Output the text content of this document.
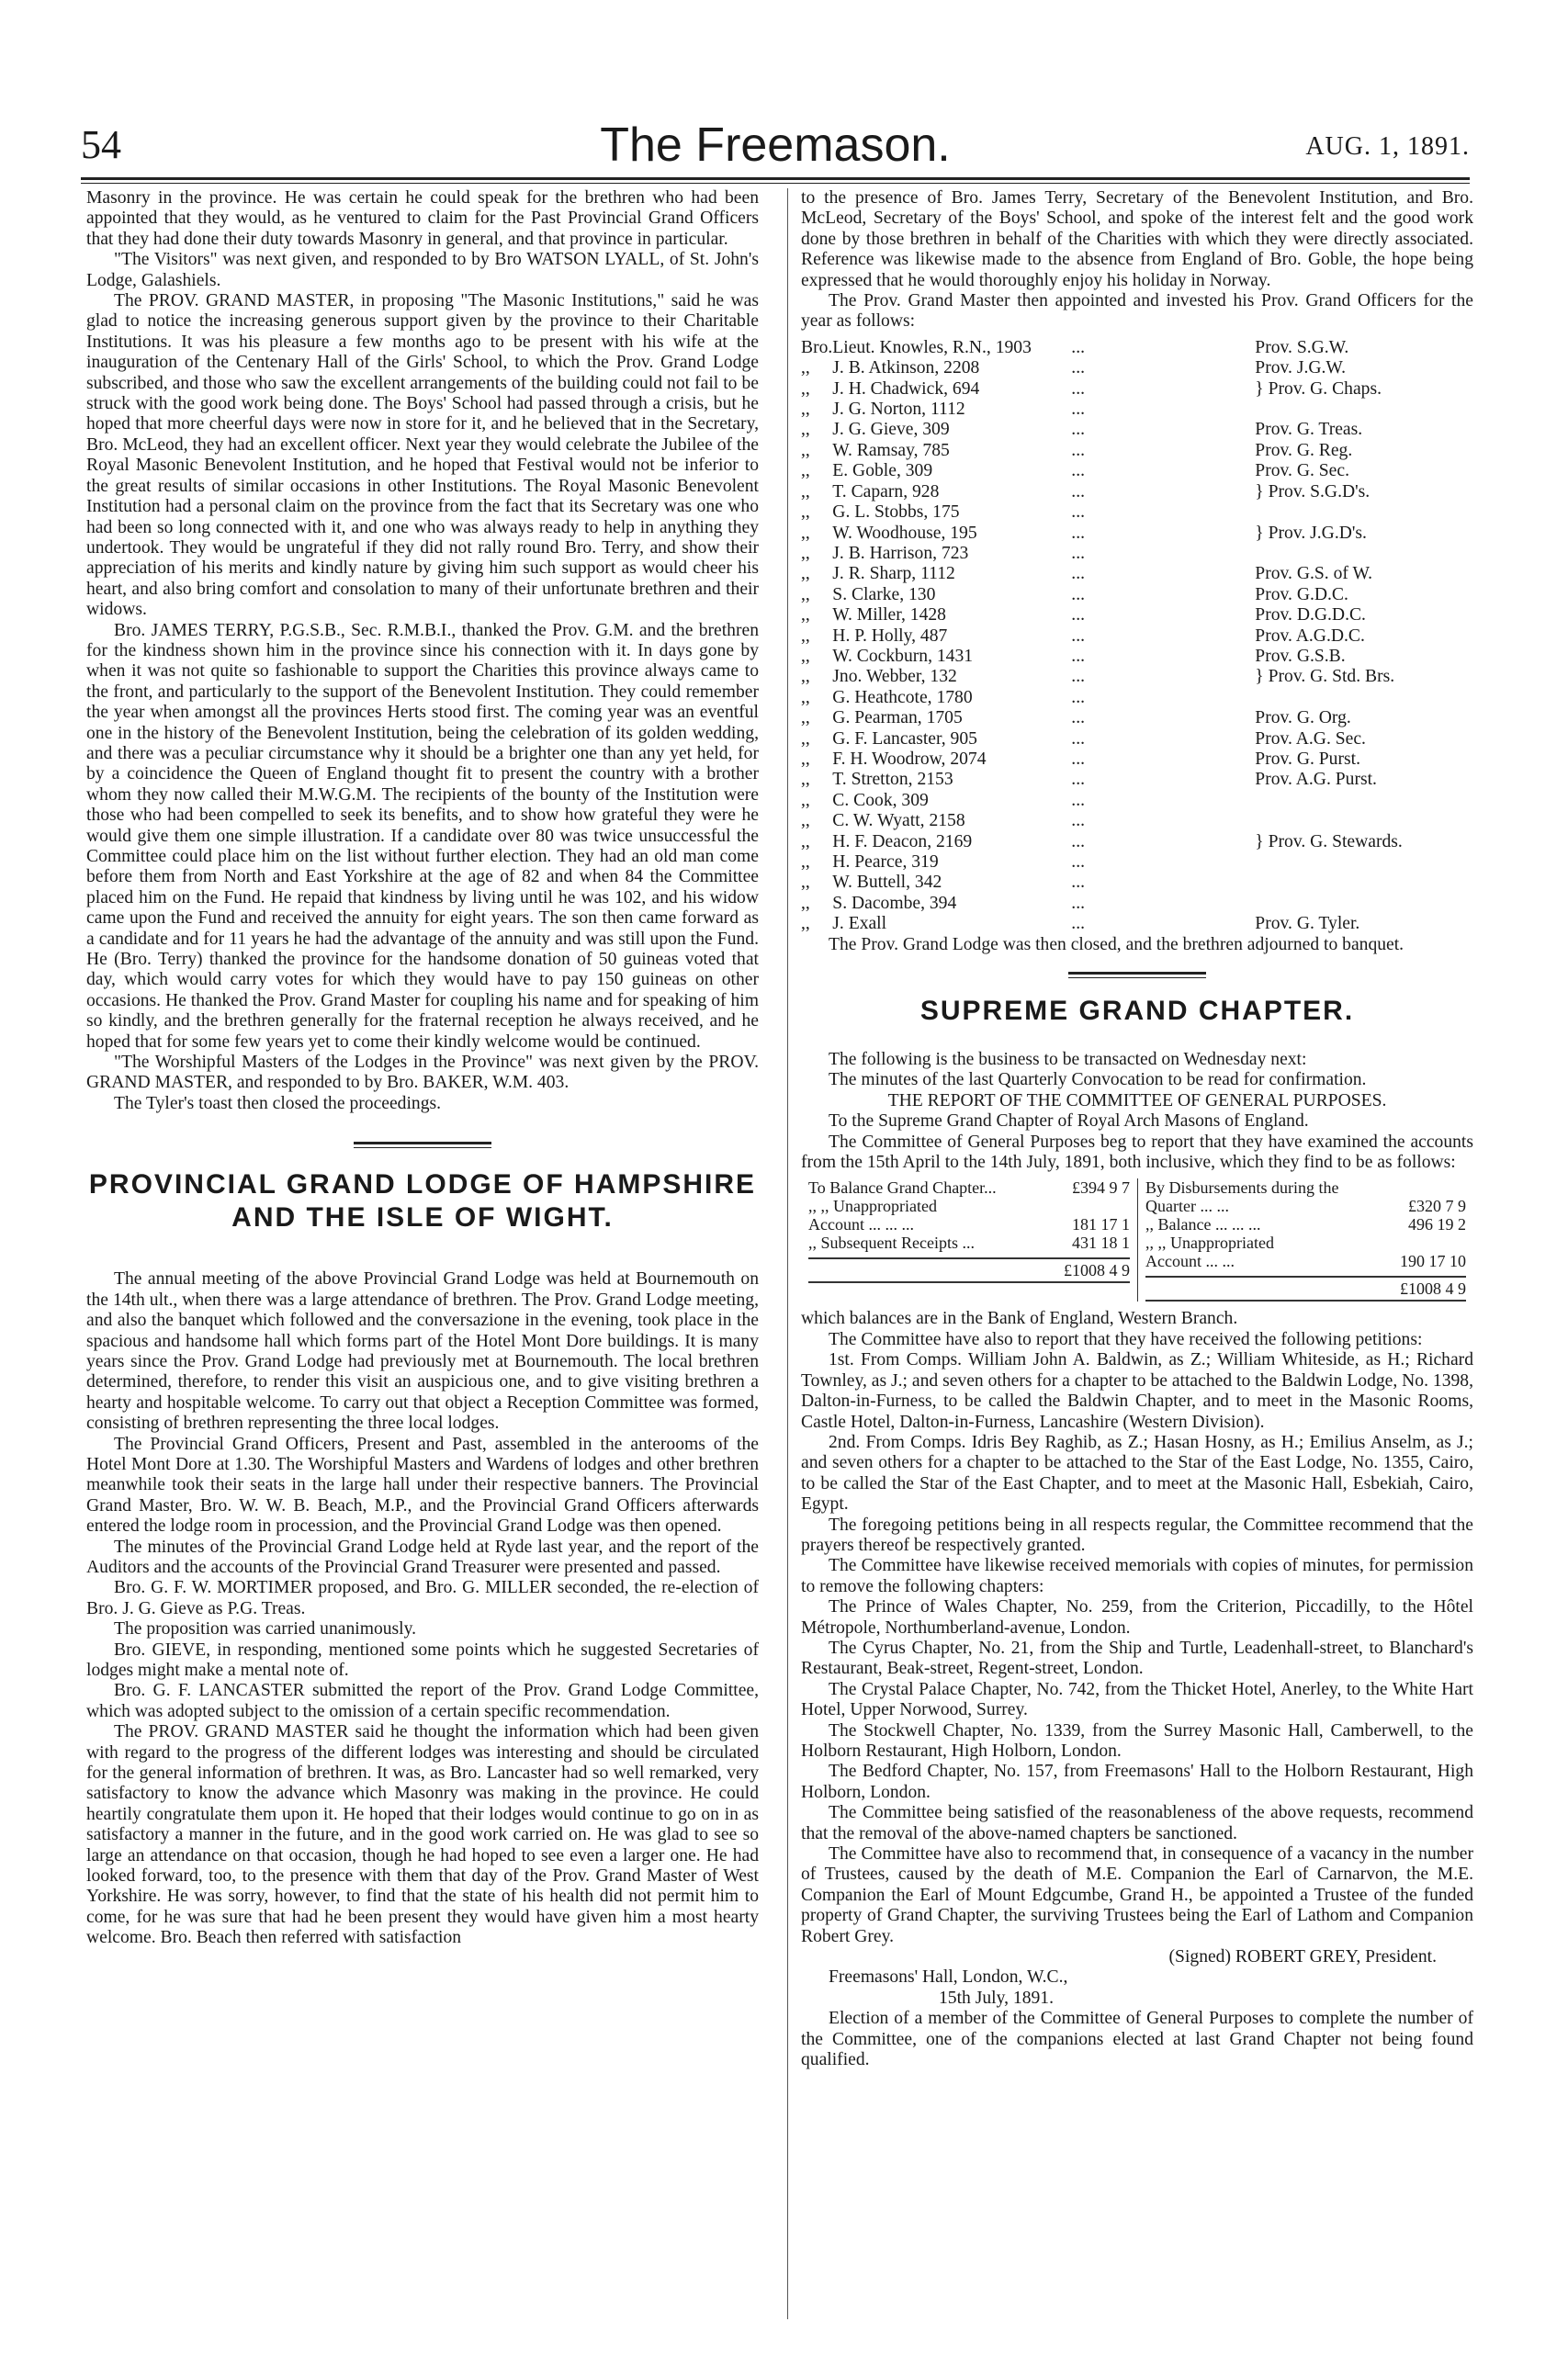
54	The Freemason.	AUG. 1, 1891.

Masonry in the province. He was certain he could speak for the brethren who had been appointed that they would, as he ventured to claim for the Past Provincial Grand Officers that they had done their duty towards Masonry in general, and that province in particular.

"The Visitors" was next given, and responded to by Bro WATSON LYALL, of St. John's Lodge, Galashiels.

The PROV. GRAND MASTER, in proposing "The Masonic Institutions," said he was glad to notice the increasing generous support given by the province to their Charitable Institutions. It was his pleasure a few months ago to be present with his wife at the inauguration of the Centenary Hall of the Girls' School, to which the Prov. Grand Lodge subscribed, and those who saw the excellent arrangements of the building could not fail to be struck with the good work being done. The Boys' School had passed through a crisis, but he hoped that more cheerful days were now in store for it, and he believed that in the Secretary, Bro. McLeod, they had an excellent officer. Next year they would celebrate the Jubilee of the Royal Masonic Benevolent Institution, and he hoped that Festival would not be inferior to the great results of similar occasions in other Institutions. The Royal Masonic Benevolent Institution had a personal claim on the province from the fact that its Secretary was one who had been so long connected with it, and one who was always ready to help in anything they undertook. They would be ungrateful if they did not rally round Bro. Terry, and show their appreciation of his merits and kindly nature by giving him such support as would cheer his heart, and also bring comfort and consolation to many of their unfortunate brethren and their widows.

Bro. JAMES TERRY, P.G.S.B., Sec. R.M.B.I., thanked the Prov. G.M. and the brethren for the kindness shown him in the province since his connection with it. In days gone by when it was not quite so fashionable to support the Charities this province always came to the front, and particularly to the support of the Benevolent Institution. They could remember the year when amongst all the provinces Herts stood first. The coming year was an eventful one in the history of the Benevolent Institution, being the celebration of its golden wedding, and there was a peculiar circumstance why it should be a brighter one than any yet held, for by a coincidence the Queen of England thought fit to present the country with a brother whom they now called their M.W.G.M. The recipients of the bounty of the Institution were those who had been compelled to seek its benefits, and to show how grateful they were he would give them one simple illustration. If a candidate over 80 was twice unsuccessful the Committee could place him on the list without further election. They had an old man come before them from North and East Yorkshire at the age of 82 and when 84 the Committee placed him on the Fund. He repaid that kindness by living until he was 102, and his widow came upon the Fund and received the annuity for eight years. The son then came forward as a candidate and for 11 years he had the advantage of the annuity and was still upon the Fund. He (Bro. Terry) thanked the province for the handsome donation of 50 guineas voted that day, which would carry votes for which they would have to pay 150 guineas on other occasions. He thanked the Prov. Grand Master for coupling his name and for speaking of him so kindly, and the brethren generally for the fraternal reception he always received, and he hoped that for some few years yet to come their kindly welcome would be continued.

"The Worshipful Masters of the Lodges in the Province" was next given by the PROV. GRAND MASTER, and responded to by Bro. BAKER, W.M. 403.

The Tyler's toast then closed the proceedings.

PROVINCIAL GRAND LODGE OF HAMPSHIRE AND THE ISLE OF WIGHT.

The annual meeting of the above Provincial Grand Lodge was held at Bournemouth on the 14th ult., when there was a large attendance of brethren. The Prov. Grand Lodge meeting, and also the banquet which followed and the conversazione in the evening, took place in the spacious and handsome hall which forms part of the Hotel Mont Dore buildings. It is many years since the Prov. Grand Lodge had previously met at Bournemouth. The local brethren determined, therefore, to render this visit an auspicious one, and to give visiting brethren a hearty and hospitable welcome. To carry out that object a Reception Committee was formed, consisting of brethren representing the three local lodges.

The Provincial Grand Officers, Present and Past, assembled in the anterooms of the Hotel Mont Dore at 1.30. The Worshipful Masters and Wardens of lodges and other brethren meanwhile took their seats in the large hall under their respective banners. The Provincial Grand Master, Bro. W. W. B. Beach, M.P., and the Provincial Grand Officers afterwards entered the lodge room in procession, and the Provincial Grand Lodge was then opened.

The minutes of the Provincial Grand Lodge held at Ryde last year, and the report of the Auditors and the accounts of the Provincial Grand Treasurer were presented and passed.

Bro. G. F. W. MORTIMER proposed, and Bro. G. MILLER seconded, the re-election of Bro. J. G. Gieve as P.G. Treas.

The proposition was carried unanimously.

Bro. GIEVE, in responding, mentioned some points which he suggested Secretaries of lodges might make a mental note of.

Bro. G. F. LANCASTER submitted the report of the Prov. Grand Lodge Committee, which was adopted subject to the omission of a certain specific recommendation.

The PROV. GRAND MASTER said he thought the information which had been given with regard to the progress of the different lodges was interesting and should be circulated for the general information of brethren. It was, as Bro. Lancaster had so well remarked, very satisfactory to know the advance which Masonry was making in the province. He could heartily congratulate them upon it. He hoped that their lodges would continue to go on in as satisfactory a manner in the future, and in the good work carried on. He was glad to see so large an attendance on that occasion, though he had hoped to see even a larger one. He had looked forward, too, to the presence with them that day of the Prov. Grand Master of West Yorkshire. He was sorry, however, to find that the state of his health did not permit him to come, for he was sure that had he been present they would have given him a most hearty welcome. Bro. Beach then referred with satisfaction

to the presence of Bro. James Terry, Secretary of the Benevolent Institution, and Bro. McLeod, Secretary of the Boys' School, and spoke of the interest felt and the good work done by those brethren in behalf of the Charities with which they were directly associated. Reference was likewise made to the absence from England of Bro. Goble, the hope being expressed that he would thoroughly enjoy his holiday in Norway.

The Prov. Grand Master then appointed and invested his Prov. Grand Officers for the year as follows:

Bro.	Lieut. Knowles, R.N., 1903	...	Prov. S.G.W.
,,	J. B. Atkinson, 2208	...	Prov. J.G.W.
,,	J. H. Chadwick, 694	...	} Prov. G. Chaps.
,,	J. G. Norton, 1112	...	
,,	J. G. Gieve, 309	...	Prov. G. Treas.
,,	W. Ramsay, 785	...	Prov. G. Reg.
,,	E. Goble, 309	...	Prov. G. Sec.
,,	T. Caparn, 928	...	} Prov. S.G.D's.
,,	G. L. Stobbs, 175	...	
,,	W. Woodhouse, 195	...	} Prov. J.G.D's.
,,	J. B. Harrison, 723	...	
,,	J. R. Sharp, 1112	...	Prov. G.S. of W.
,,	S. Clarke, 130	...	Prov. G.D.C.
,,	W. Miller, 1428	...	Prov. D.G.D.C.
,,	H. P. Holly, 487	...	Prov. A.G.D.C.
,,	W. Cockburn, 1431	...	Prov. G.S.B.
,,	Jno. Webber, 132	...	} Prov. G. Std. Brs.
,,	G. Heathcote, 1780	...	
,,	G. Pearman, 1705	...	Prov. G. Org.
,,	G. F. Lancaster, 905	...	Prov. A.G. Sec.
,,	F. H. Woodrow, 2074	...	Prov. G. Purst.
,,	T. Stretton, 2153	...	Prov. A.G. Purst.
,,	C. Cook, 309	...	
,,	C. W. Wyatt, 2158	...	
,,	H. F. Deacon, 2169	...	} Prov. G. Stewards.
,,	H. Pearce, 319	...	
,,	W. Buttell, 342	...	
,,	S. Dacombe, 394	...	
,,	J. Exall	...	Prov. G. Tyler.

The Prov. Grand Lodge was then closed, and the brethren adjourned to banquet.

SUPREME GRAND CHAPTER.

The following is the business to be transacted on Wednesday next:

The minutes of the last Quarterly Convocation to be read for confirmation.

THE REPORT OF THE COMMITTEE OF GENERAL PURPOSES.

To the Supreme Grand Chapter of Royal Arch Masons of England.

The Committee of General Purposes beg to report that they have examined the accounts from the 15th April to the 14th July, 1891, both inclusive, which they find to be as follows:

To Balance Grand Chapter...	£394 9 7
,, ,, Unappropriated
Account ... ... ...	181 17 1
,, Subsequent Receipts ...	431 18 1
£1008 4 9
By Disbursements during the
Quarter ... ...	£320 7 9
,, Balance ... ... ...	496 19 2
,, ,, Unappropriated
Account ... ...	190 17 10
£1008 4 9

which balances are in the Bank of England, Western Branch.

The Committee have also to report that they have received the following petitions:

1st. From Comps. William John A. Baldwin, as Z.; William Whiteside, as H.; Richard Townley, as J.; and seven others for a chapter to be attached to the Baldwin Lodge, No. 1398, Dalton-in-Furness, to be called the Baldwin Chapter, and to meet in the Masonic Rooms, Castle Hotel, Dalton-in-Furness, Lancashire (Western Division).

2nd. From Comps. Idris Bey Raghib, as Z.; Hasan Hosny, as H.; Emilius Anselm, as J.; and seven others for a chapter to be attached to the Star of the East Lodge, No. 1355, Cairo, to be called the Star of the East Chapter, and to meet at the Masonic Hall, Esbekiah, Cairo, Egypt.

The foregoing petitions being in all respects regular, the Committee recommend that the prayers thereof be respectively granted.

The Committee have likewise received memorials with copies of minutes, for permission to remove the following chapters:

The Prince of Wales Chapter, No. 259, from the Criterion, Piccadilly, to the Hôtel Métropole, Northumberland-avenue, London.

The Cyrus Chapter, No. 21, from the Ship and Turtle, Leadenhall-street, to Blanchard's Restaurant, Beak-street, Regent-street, London.

The Crystal Palace Chapter, No. 742, from the Thicket Hotel, Anerley, to the White Hart Hotel, Upper Norwood, Surrey.

The Stockwell Chapter, No. 1339, from the Surrey Masonic Hall, Camberwell, to the Holborn Restaurant, High Holborn, London.

The Bedford Chapter, No. 157, from Freemasons' Hall to the Holborn Restaurant, High Holborn, London.

The Committee being satisfied of the reasonableness of the above requests, recommend that the removal of the above-named chapters be sanctioned.

The Committee have also to recommend that, in consequence of a vacancy in the number of Trustees, caused by the death of M.E. Companion the Earl of Carnarvon, the M.E. Companion the Earl of Mount Edgcumbe, Grand H., be appointed a Trustee of the funded property of Grand Chapter, the surviving Trustees being the Earl of Lathom and Companion Robert Grey.

(Signed) ROBERT GREY, President.

Freemasons' Hall, London, W.C.,

15th July, 1891.

Election of a member of the Committee of General Purposes to complete the number of the Committee, one of the companions elected at last Grand Chapter not being found qualified.
